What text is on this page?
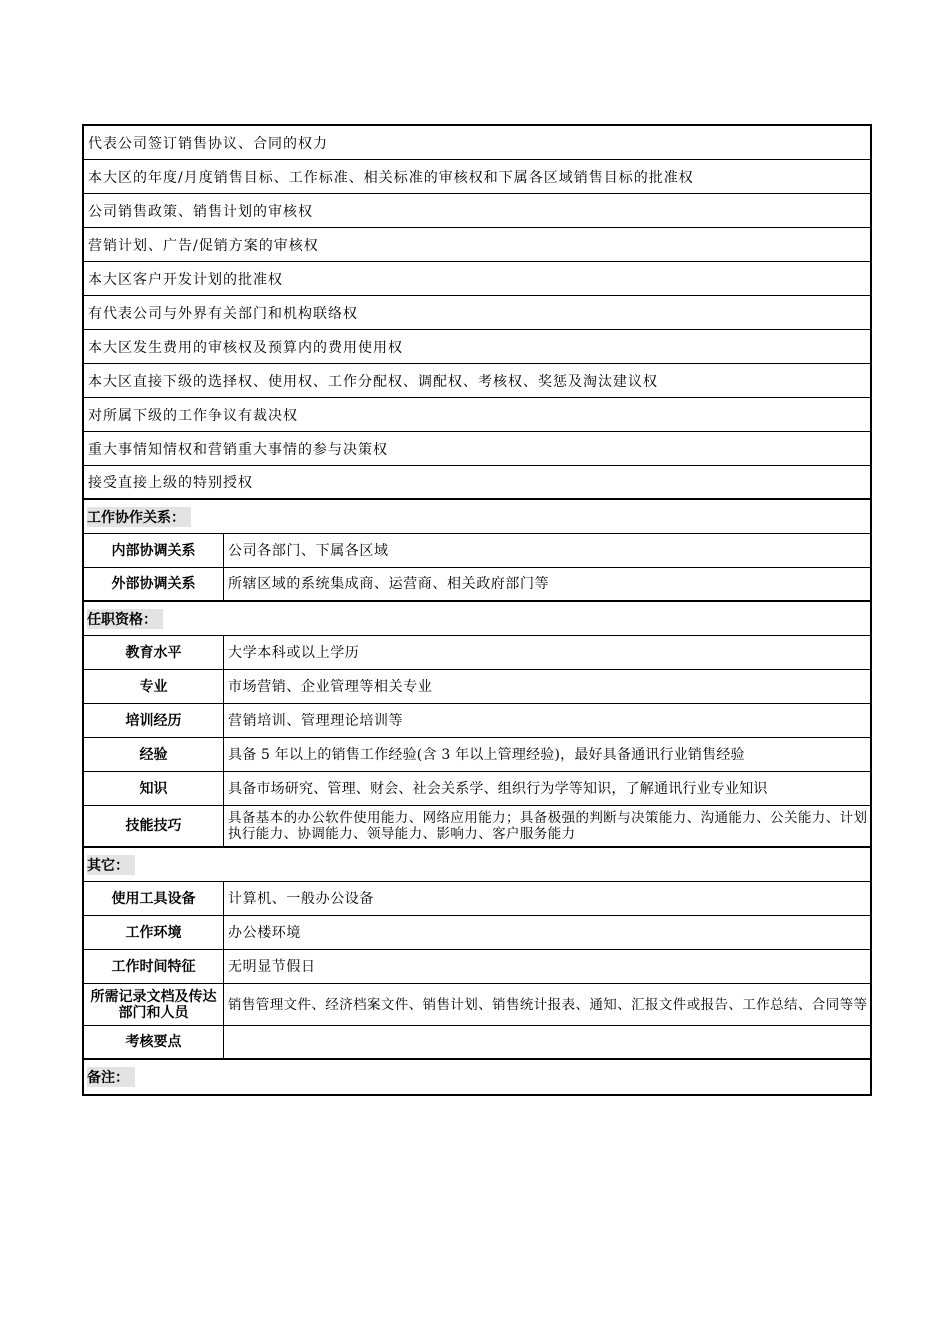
代表公司签订销售协议、合同的权力
本大区的年度/月度销售目标、工作标准、相关标准的审核权和下属各区域销售目标的批准权
公司销售政策、销售计划的审核权
营销计划、广告/促销方案的审核权
本大区客户开发计划的批准权
有代表公司与外界有关部门和机构联络权
本大区发生费用的审核权及预算内的费用使用权
本大区直接下级的选择权、使用权、工作分配权、调配权、考核权、奖惩及淘汰建议权
对所属下级的工作争议有裁决权
重大事情知情权和营销重大事情的参与决策权
接受直接上级的特别授权
工作协作关系：
内部协调关系	公司各部门、下属各区域
外部协调关系	所辖区域的系统集成商、运营商、相关政府部门等
任职资格：
教育水平	大学本科或以上学历
专业	市场营销、企业管理等相关专业
培训经历	营销培训、管理理论培训等
经验	具备 5 年以上的销售工作经验(含 3 年以上管理经验)，最好具备通讯行业销售经验
知识	具备市场研究、管理、财会、社会关系学、组织行为学等知识，了解通讯行业专业知识
技能技巧	具备基本的办公软件使用能力、网络应用能力；具备极强的判断与决策能力、沟通能力、公关能力、计划执行能力、协调能力、领导能力、影响力、客户服务能力
其它：
使用工具设备	计算机、一般办公设备
工作环境	办公楼环境
工作时间特征	无明显节假日
所需记录文档及传达部门和人员	销售管理文件、经济档案文件、销售计划、销售统计报表、通知、汇报文件或报告、工作总结、合同等等
考核要点
备注：
